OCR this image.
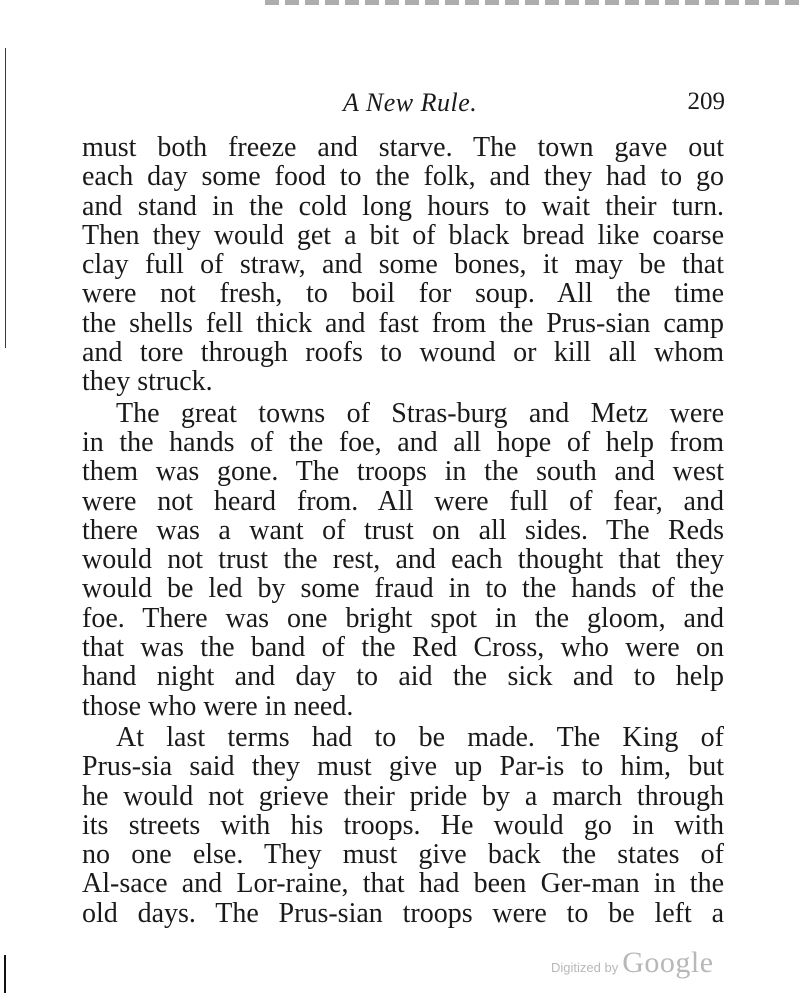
A New Rule.	209
must both freeze and starve. The town gave out
each day some food to the folk, and they had to go
and stand in the cold long hours to wait their turn.
Then they would get a bit of black bread like coarse
clay full of straw, and some bones, it may be that
were not fresh, to boil for soup. All the time
the shells fell thick and fast from the Prus-sian camp
and tore through roofs to wound or kill all whom
they struck.
The great towns of Stras-burg and Metz were
in the hands of the foe, and all hope of help from
them was gone. The troops in the south and west
were not heard from. All were full of fear, and
there was a want of trust on all sides. The Reds
would not trust the rest, and each thought that they
would be led by some fraud in to the hands of the
foe. There was one bright spot in the gloom, and
that was the band of the Red Cross, who were on
hand night and day to aid the sick and to help
those who were in need.
At last terms had to be made. The King of
Prus-sia said they must give up Par-is to him, but
he would not grieve their pride by a march through
its streets with his troops. He would go in with
no one else. They must give back the states of
Al-sace and Lor-raine, that had been Ger-man in the
old days. The Prus-sian troops were to be left a
Digitized by Google
